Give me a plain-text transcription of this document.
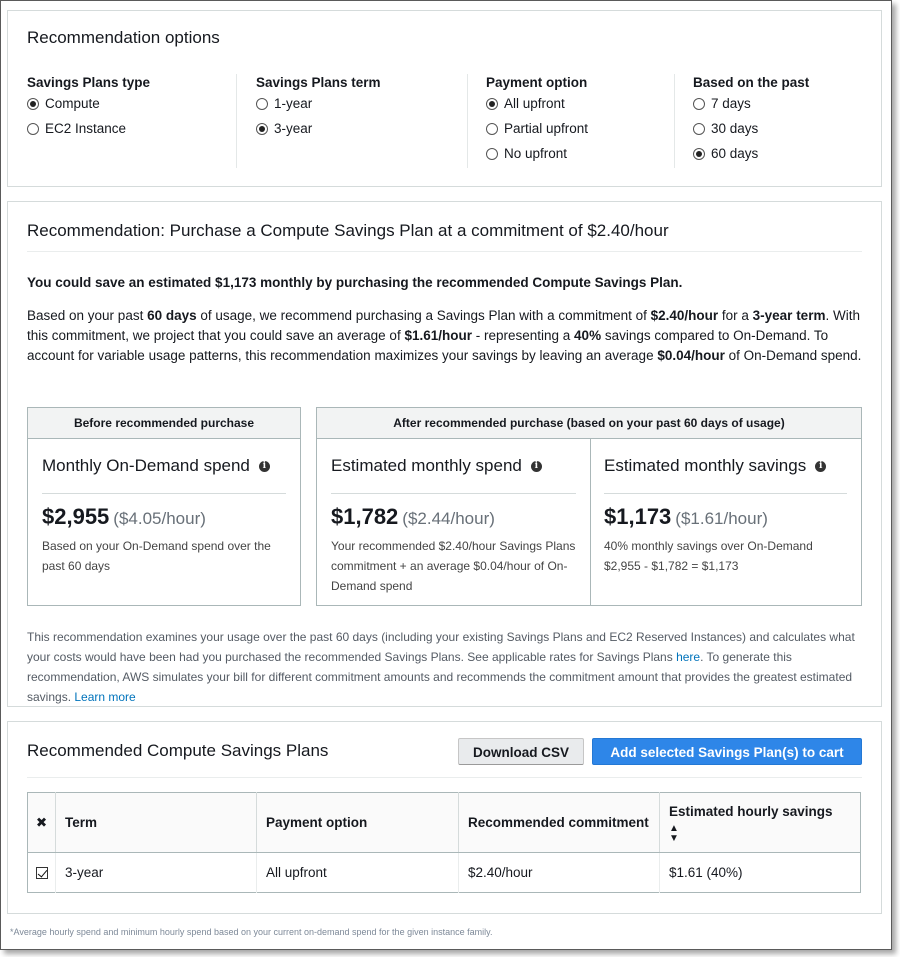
Recommendation options
Savings Plans type
Compute
EC2 Instance
Savings Plans term
1-year
3-year
Payment option
All upfront
Partial upfront
No upfront
Based on the past
7 days
30 days
60 days
Recommendation: Purchase a Compute Savings Plan at a commitment of $2.40/hour
You could save an estimated $1,173 monthly by purchasing the recommended Compute Savings Plan.
Based on your past 60 days of usage, we recommend purchasing a Savings Plan with a commitment of $2.40/hour for a 3-year term. With this commitment, we project that you could save an average of $1.61/hour - representing a 40% savings compared to On-Demand. To account for variable usage patterns, this recommendation maximizes your savings by leaving an average $0.04/hour of On-Demand spend.
Before recommended purchase
Monthly On-Demand spend	i
$2,955 ($4.05/hour)
Based on your On-Demand spend over the past 60 days
After recommended purchase (based on your past 60 days of usage)
Estimated monthly spend	i
$1,782 ($2.44/hour)
Your recommended $2.40/hour Savings Plans commitment + an average $0.04/hour of On-Demand spend
Estimated monthly savings	i
$1,173 ($1.61/hour)
40% monthly savings over On-Demand
$2,955 - $1,782 = $1,173
This recommendation examines your usage over the past 60 days (including your existing Savings Plans and EC2 Reserved Instances) and calculates what your costs would have been had you purchased the recommended Savings Plans. See applicable rates for Savings Plans here. To generate this recommendation, AWS simulates your bill for different commitment amounts and recommends the commitment amount that provides the greatest estimated savings. Learn more
Recommended Compute Savings Plans	Download CSV	Add selected Savings Plan(s) to cart
✖	Term	Payment option	Recommended commitment	Estimated hourly savings
▲
▼

	3-year	All upfront	$2.40/hour	$1.61 (40%)
*Average hourly spend and minimum hourly spend based on your current on-demand spend for the given instance family.
